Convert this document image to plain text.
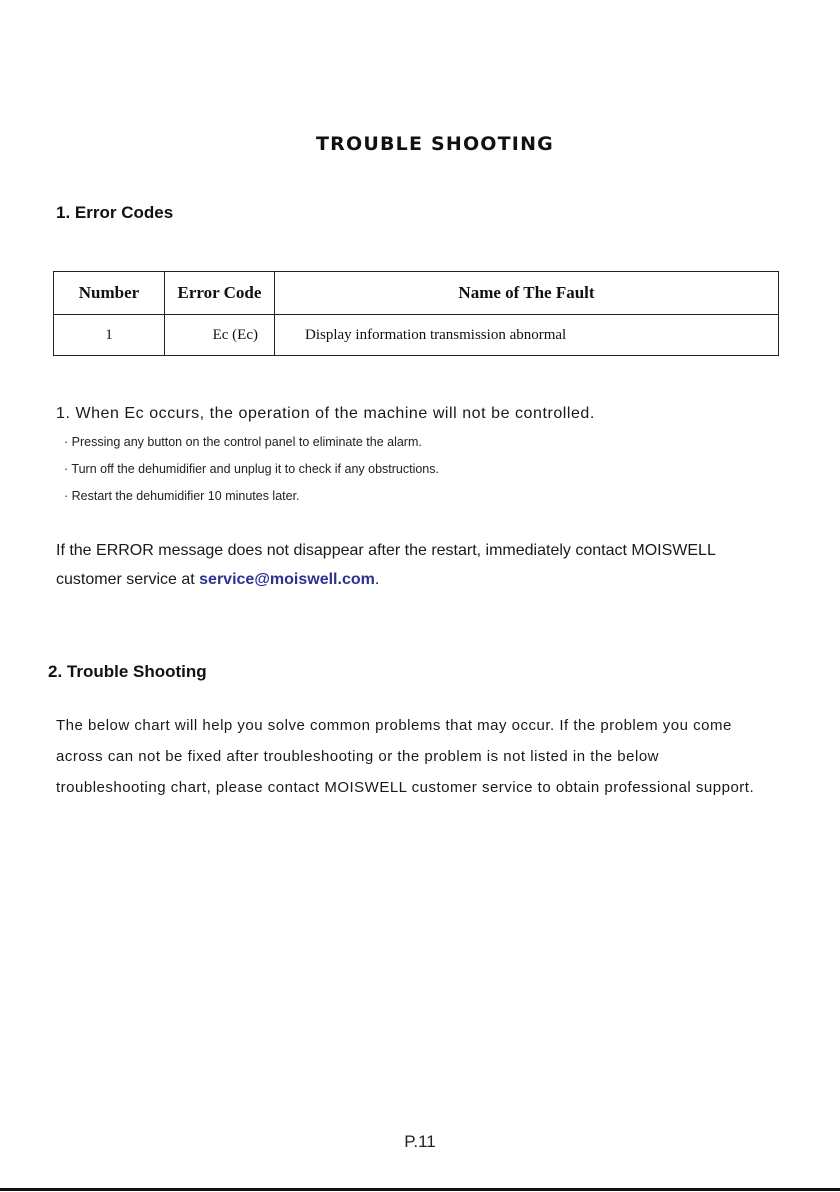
TROUBLE SHOOTING
1. Error Codes
Number	Error Code	Name of The Fault
1	Ec (Ec)	Display information transmission abnormal
1. When Ec occurs, the operation of the machine will not be controlled.
· Pressing any button on the control panel to eliminate the alarm.
· Turn off the dehumidifier and unplug it to check if any obstructions.
· Restart the dehumidifier 10 minutes later.
If the ERROR message does not disappear after the restart, immediately contact MOISWELL
customer service at service@moiswell.com.
2. Trouble Shooting
The below chart will help you solve common problems that may occur. If the problem you come
across can not be fixed after troubleshooting or the problem is not listed in the below
troubleshooting chart, please contact MOISWELL customer service to obtain professional support.
P.11
